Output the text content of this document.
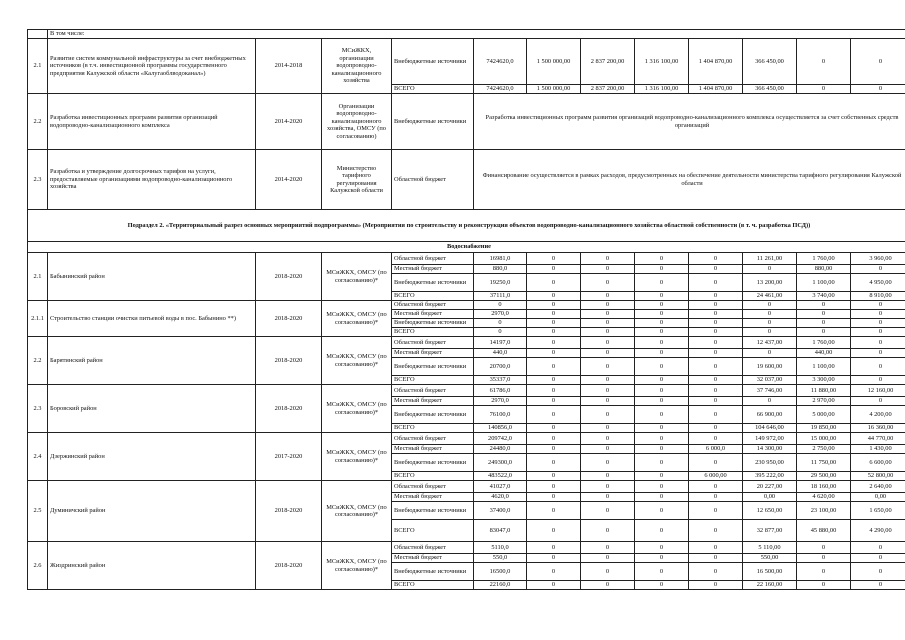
	В том числе:											
2.1	Развитие систем коммунальной инфраструктуры за счет внебюджетных источников (в т.ч. инвестиционной программы государственного предприятия Калужской области «Калугаоблводоканал»)	2014-2018	МСиЖКХ, организации водопроводно-канализационного хозяйства	Внебюджетные источники	7424620,0	1 500 000,00	2 837 200,00	1 316 100,00	1 404 870,00	366 450,00	0	0
				ВСЕГО	7424620,0	1 500 000,00	2 837 200,00	1 316 100,00	1 404 870,00	366 450,00	0	0
2.2	Разработка инвестиционных программ развития организаций водопроводно-канализационного комплекса	2014-2020	Организации водопроводно-канализационного хозяйства, ОМСУ (по согласованию)	Внебюджетные источники	Разработка инвестиционных программ развития организаций водопроводно-канализационного комплекса осуществляется за счет собственных средств организаций							
2.3	Разработка и утверждение долгосрочных тарифов на услуги, предоставляемые организациями водопроводно-канализационного хозяйства	2014-2020	Министерство тарифного регулирования Калужской области	Областной бюджет	Финансирование осуществляется в рамках расходов, предусмотренных на обеспечение деятельности министерства тарифного регулирования Калужской области							
Подраздел 2. «Территориальный разрез основных мероприятий подпрограммы» (Мероприятия по строительству и реконструкция объектов водопроводно-канализационного хозяйства областной собственности (в т. ч. разработка ПСД))												
Водоснабжение												
2.1	Бабынинский район	2018-2020	МСиЖКХ, ОМСУ (по согласованию)*	Областной бюджет	16981,0	0	0	0	0	11 261,00	1 760,00	3 960,00
				Местный бюджет	880,0	0	0	0	0	0	880,00	0
				Внебюджетные источники	19250,0	0	0	0	0	13 200,00	1 100,00	4 950,00
				ВСЕГО	37111,0	0	0	0	0	24 461,00	3 740,00	8 910,00
2.1.1	Строительство станции очистки питьевой воды в пос. Бабынино **)	2018-2020	МСиЖКХ, ОМСУ (по согласованию)*	Областной бюджет	0	0	0	0	0	0	0	0
				Местный бюджет	2970,0	0	0	0	0	0	0	0
				Внебюджетные источники	0	0	0	0	0	0	0	0
				ВСЕГО	0	0	0	0	0	0	0	0
2.2	Барятинский район	2018-2020	МСиЖКХ, ОМСУ (по согласованию)*	Областной бюджет	14197,0	0	0	0	0	12 437,00	1 760,00	0
				Местный бюджет	440,0	0	0	0	0	0	440,00	0
				Внебюджетные источники	20700,0	0	0	0	0	19 600,00	1 100,00	0
				ВСЕГО	35337,0	0	0	0	0	32 037,00	3 300,00	0
2.3	Боровский район	2018-2020	МСиЖКХ, ОМСУ (по согласованию)*	Областной бюджет	61786,0	0	0	0	0	37 746,00	11 880,00	12 160,00
				Местный бюджет	2970,0	0	0	0	0	0	2 970,00	0
				Внебюджетные источники	76100,0	0	0	0	0	66 900,00	5 000,00	4 200,00
				ВСЕГО	140856,0	0	0	0	0	104 646,00	19 850,00	16 360,00
2.4	Дзержинский район	2017-2020	МСиЖКХ, ОМСУ (по согласованию)*	Областной бюджет	209742,0	0	0	0	0	149 972,00	15 000,00	44 770,00
				Местный бюджет	24480,0	0	0	0	6 000,0	14 300,00	2 750,00	1 430,00
				Внебюджетные источники	249300,0	0	0	0	0	230 950,00	11 750,00	6 600,00
				ВСЕГО	483522,0	0	0	0	6 000,00	395 222,00	29 500,00	52 800,00
2.5	Думиничский район	2018-2020	МСиЖКХ, ОМСУ (по согласованию)*	Областной бюджет	41027,0	0	0	0	0	20 227,00	18 160,00	2 640,00
				Местный бюджет	4620,0	0	0	0	0	0,00	4 620,00	0,00
				Внебюджетные источники	37400,0	0	0	0	0	12 650,00	23 100,00	1 650,00
				ВСЕГО	83047,0	0	0	0	0	32 877,00	45 880,00	4 290,00
2.6	Жиздринский район	2018-2020	МСиЖКХ, ОМСУ (по согласованию)*	Областной бюджет	5110,0	0	0	0	0	5 110,00	0	0
				Местный бюджет	550,0	0	0	0	0	550,00	0	0
				Внебюджетные источники	16500,0	0	0	0	0	16 500,00	0	0
				ВСЕГО	22160,0	0	0	0	0	22 160,00	0	0
